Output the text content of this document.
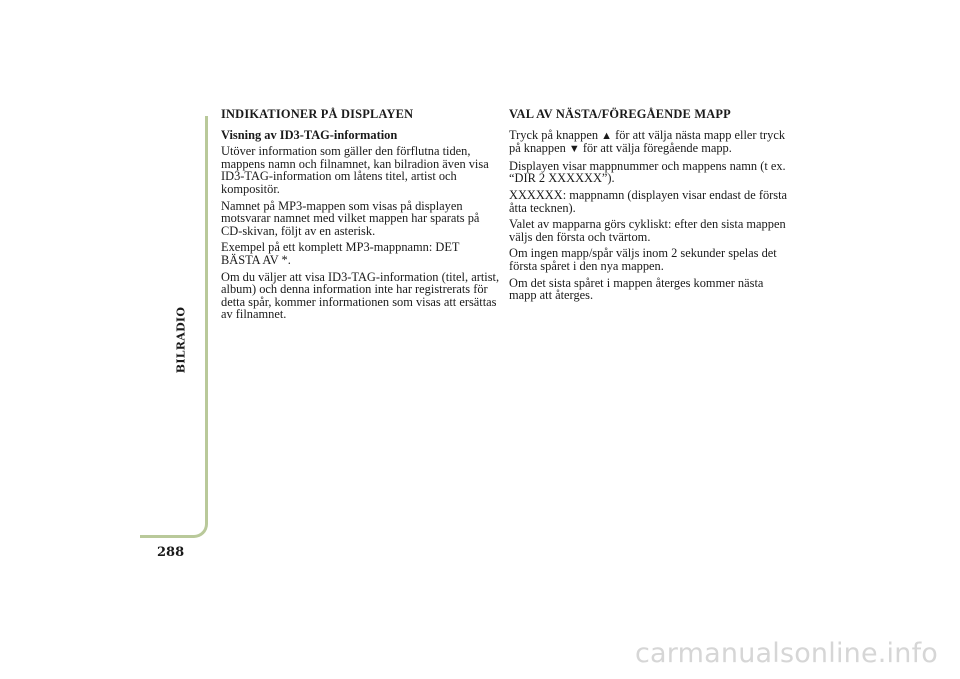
BILRADIO
288

INDIKATIONER PÅ DISPLAYEN

Visning av ID3-TAG-information

Utöver information som gäller den förflutna tiden, mappens namn och filnamnet, kan bilradion även visa ID3-TAG-information om låtens titel, artist och kompositör.

Namnet på MP3-mappen som visas på displayen motsvarar namnet med vilket mappen har sparats på CD-skivan, följt av en asterisk.

Exempel på ett komplett MP3-mappnamn: DET BÄSTA AV *.

Om du väljer att visa ID3-TAG-information (titel, artist, album) och denna information inte har registrerats för detta spår, kommer informationen som visas att ersättas av filnamnet.

VAL AV NÄSTA/FÖREGÅENDE MAPP

Tryck på knappen ▲ för att välja nästa mapp eller tryck på knappen ▼ för att välja föregående mapp.

Displayen visar mappnummer och mappens namn (t ex. “DIR 2 XXXXXX”).

XXXXXX: mappnamn (displayen visar endast de första åtta tecknen).

Valet av mapparna görs cykliskt: efter den sista mappen väljs den första och tvärtom.

Om ingen mapp/spår väljs inom 2 sekunder spelas det första spåret i den nya mappen.

Om det sista spåret i mappen återges kommer nästa mapp att återges.

carmanualsonline.info
